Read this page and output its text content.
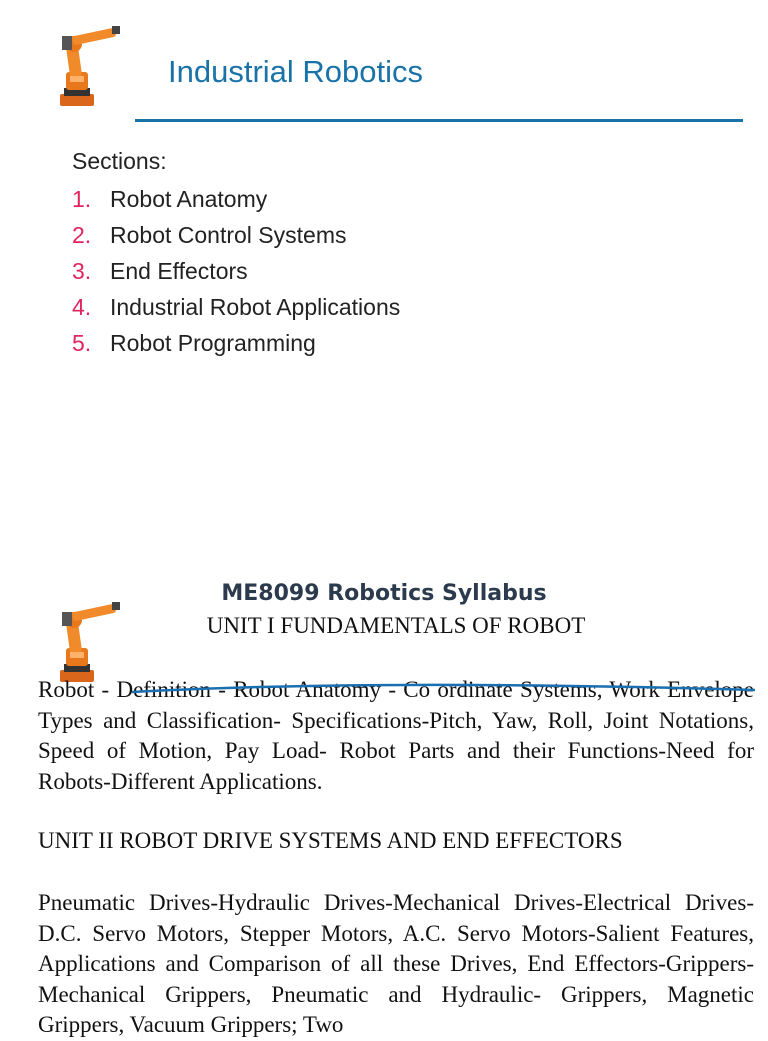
Industrial Robotics
Sections:
1. Robot Anatomy
2. Robot Control Systems
3. End Effectors
4. Industrial Robot Applications
5. Robot Programming
ME8099 Robotics Syllabus
UNIT I FUNDAMENTALS OF ROBOT

Robot - Definition - Robot Anatomy - Co ordinate Systems, Work Envelope Types and Classification- Specifications-Pitch, Yaw, Roll, Joint Notations, Speed of Motion, Pay Load- Robot Parts and their Functions-Need for Robots-Different Applications.

UNIT II ROBOT DRIVE SYSTEMS AND END EFFECTORS

Pneumatic Drives-Hydraulic Drives-Mechanical Drives-Electrical Drives-D.C. Servo Motors, Stepper Motors, A.C. Servo Motors-Salient Features, Applications and Comparison of all these Drives, End Effectors-Grippers-Mechanical Grippers, Pneumatic and Hydraulic- Grippers, Magnetic Grippers, Vacuum Grippers; Two
